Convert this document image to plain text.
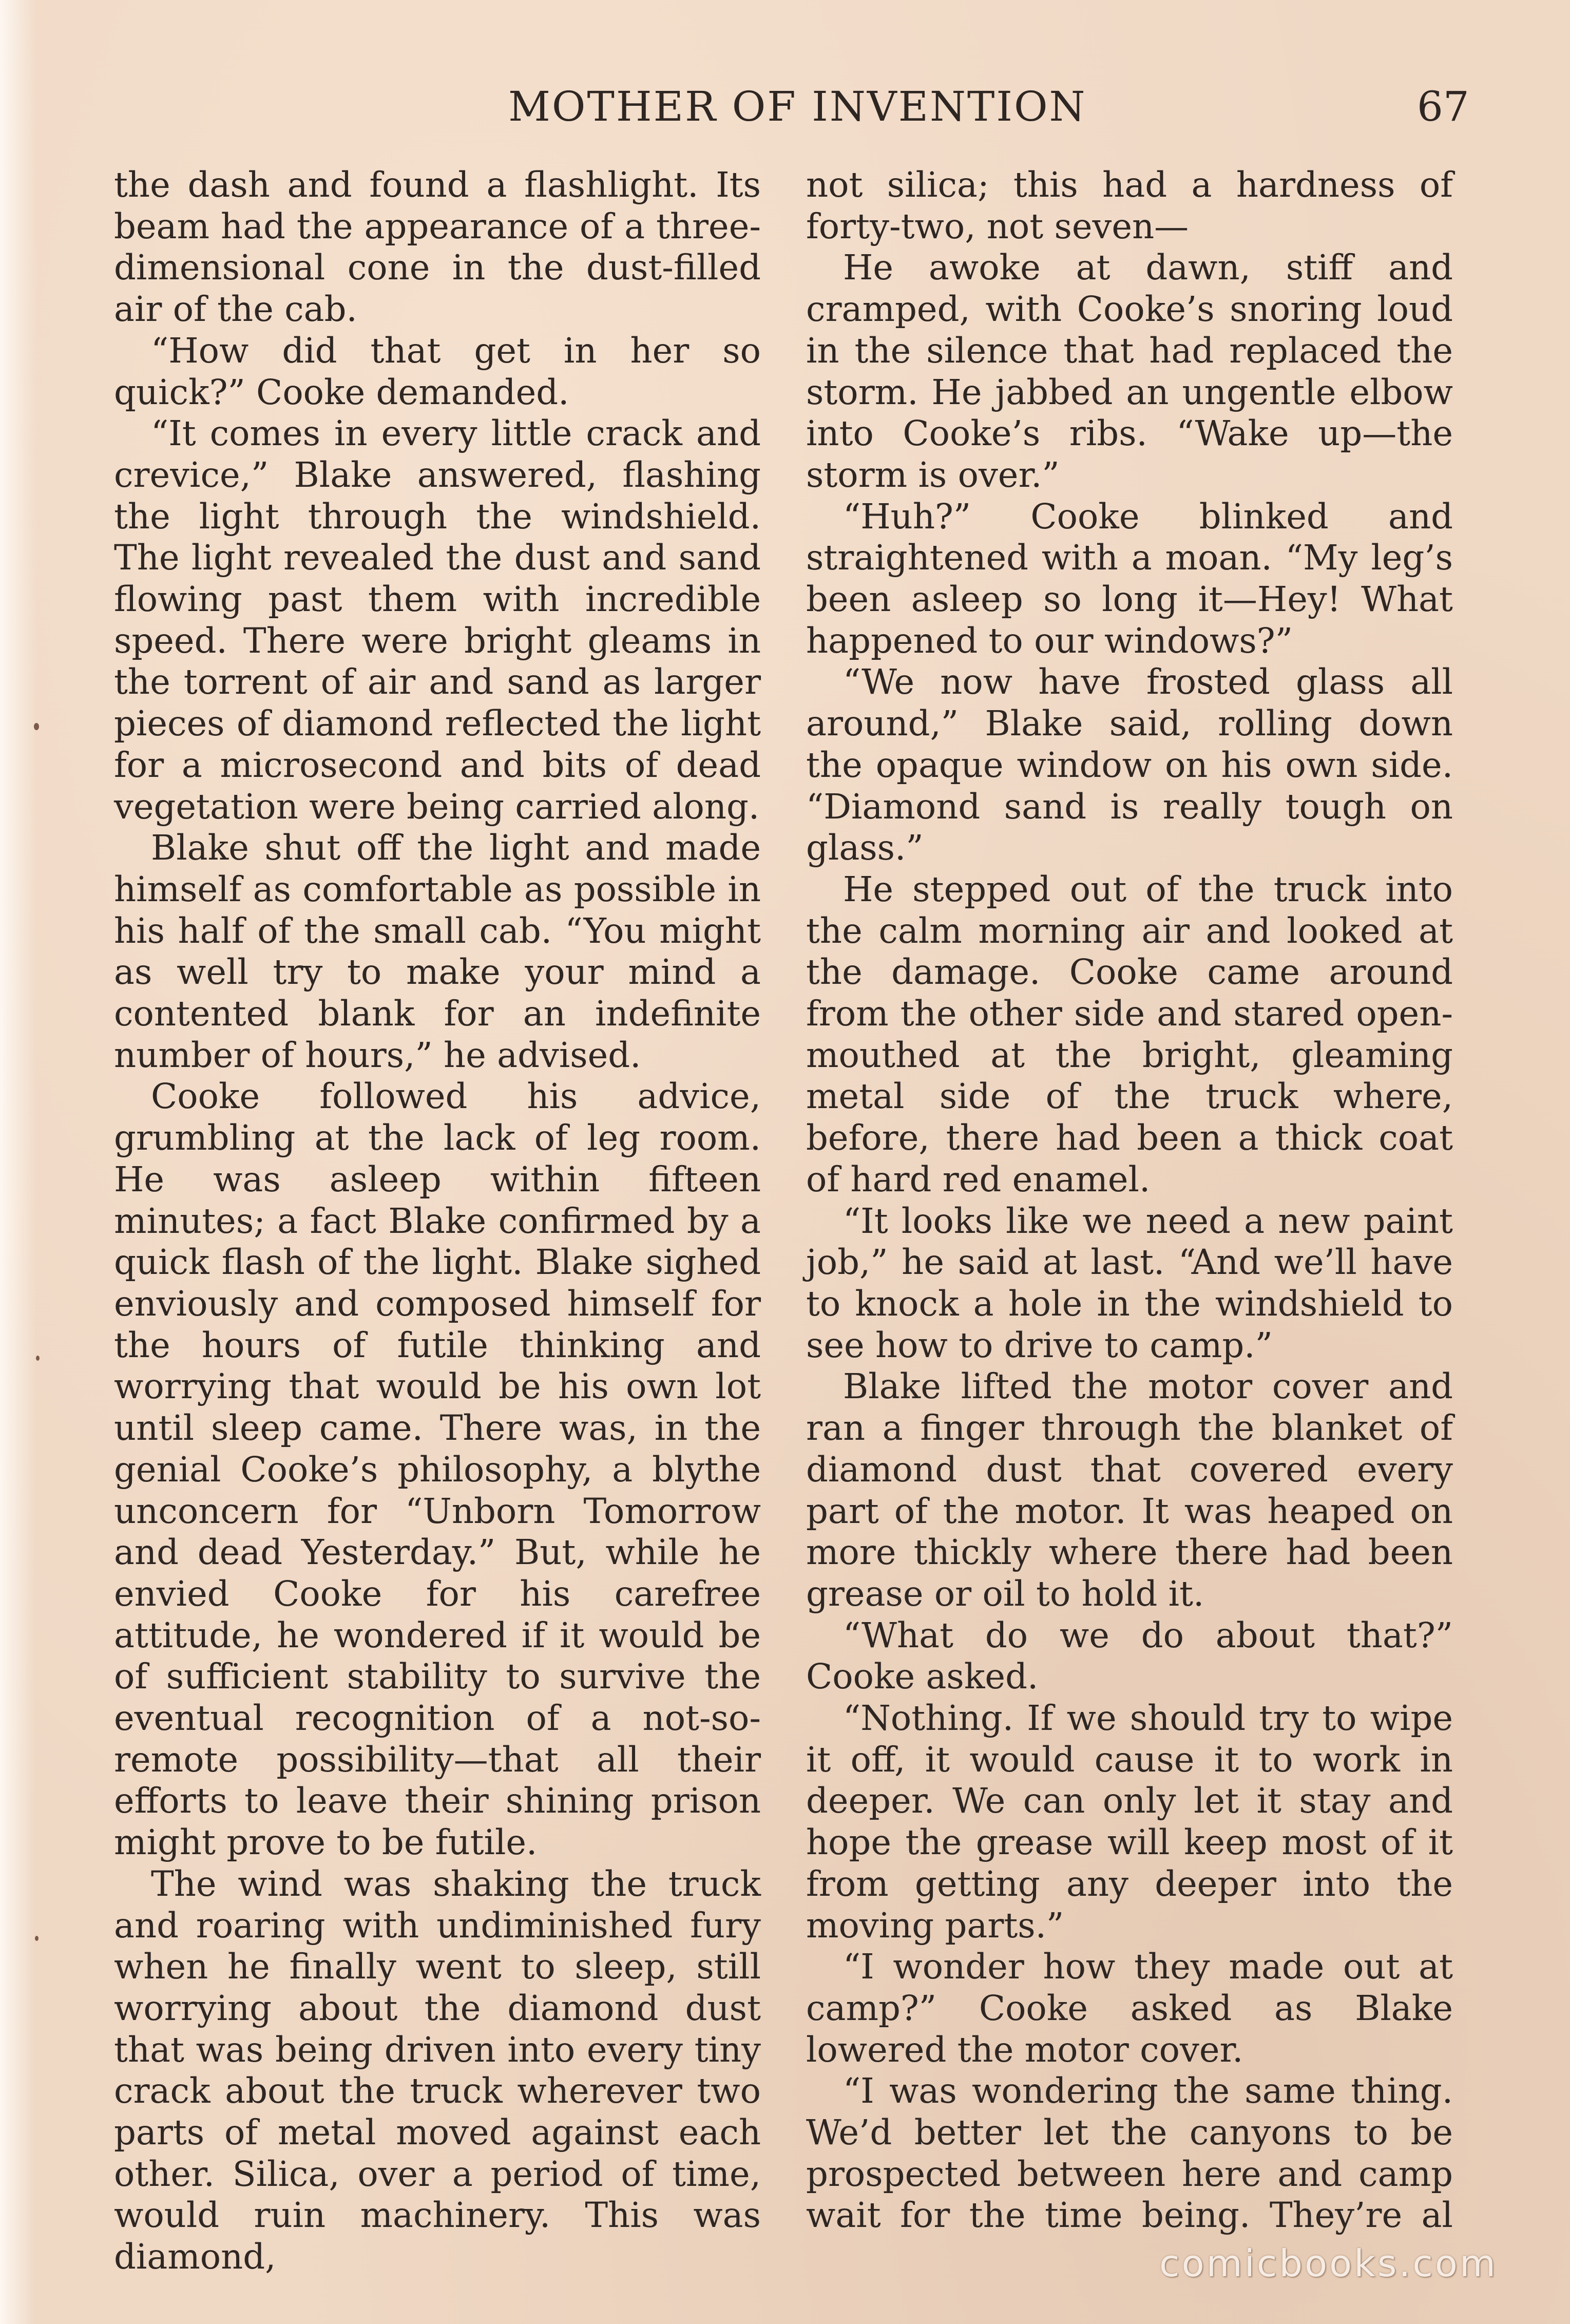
MOTHER OF INVENTION	67

the dash and found a flashlight. Its beam had the appearance of a three-dimensional cone in the dust-filled air of the cab.

“How did that get in her so quick?” Cooke demanded.

“It comes in every little crack and crevice,” Blake answered, flashing the light through the windshield. The light revealed the dust and sand flowing past them with incredible speed. There were bright gleams in the torrent of air and sand as larger pieces of diamond reflected the light for a microsecond and bits of dead vegetation were being carried along.

Blake shut off the light and made himself as comfortable as possible in his half of the small cab. “You might as well try to make your mind a contented blank for an indefinite number of hours,” he advised.

Cooke followed his advice, grumbling at the lack of leg room. He was asleep within fifteen minutes; a fact Blake confirmed by a quick flash of the light. Blake sighed enviously and composed himself for the hours of futile thinking and worrying that would be his own lot until sleep came. There was, in the genial Cooke’s philosophy, a blythe unconcern for “Unborn Tomorrow and dead Yesterday.” But, while he envied Cooke for his carefree attitude, he wondered if it would be of sufficient stability to survive the eventual recognition of a not-so-remote possibility—that all their efforts to leave their shining prison might prove to be futile.

The wind was shaking the truck and roaring with undiminished fury when he finally went to sleep, still worrying about the diamond dust that was being driven into every tiny crack about the truck wherever two parts of metal moved against each other. Silica, over a period of time, would ruin machinery. This was diamond,

not silica; this had a hardness of forty-two, not seven—

He awoke at dawn, stiff and cramped, with Cooke’s snoring loud in the silence that had replaced the storm. He jabbed an ungentle elbow into Cooke’s ribs. “Wake up—the storm is over.”

“Huh?” Cooke blinked and straightened with a moan. “My leg’s been asleep so long it—Hey! What happened to our windows?”

“We now have frosted glass all around,” Blake said, rolling down the opaque window on his own side. “Diamond sand is really tough on glass.”

He stepped out of the truck into the calm morning air and looked at the damage. Cooke came around from the other side and stared open-mouthed at the bright, gleaming metal side of the truck where, before, there had been a thick coat of hard red enamel.

“It looks like we need a new paint job,” he said at last. “And we’ll have to knock a hole in the windshield to see how to drive to camp.”

Blake lifted the motor cover and ran a finger through the blanket of diamond dust that covered every part of the motor. It was heaped on more thickly where there had been grease or oil to hold it.

“What do we do about that?” Cooke asked.

“Nothing. If we should try to wipe it off, it would cause it to work in deeper. We can only let it stay and hope the grease will keep most of it from getting any deeper into the moving parts.”

“I wonder how they made out at camp?” Cooke asked as Blake lowered the motor cover.

“I was wondering the same thing. We’d better let the canyons to be prospected between here and camp wait for the time being. They’re al

comicbooks.com
